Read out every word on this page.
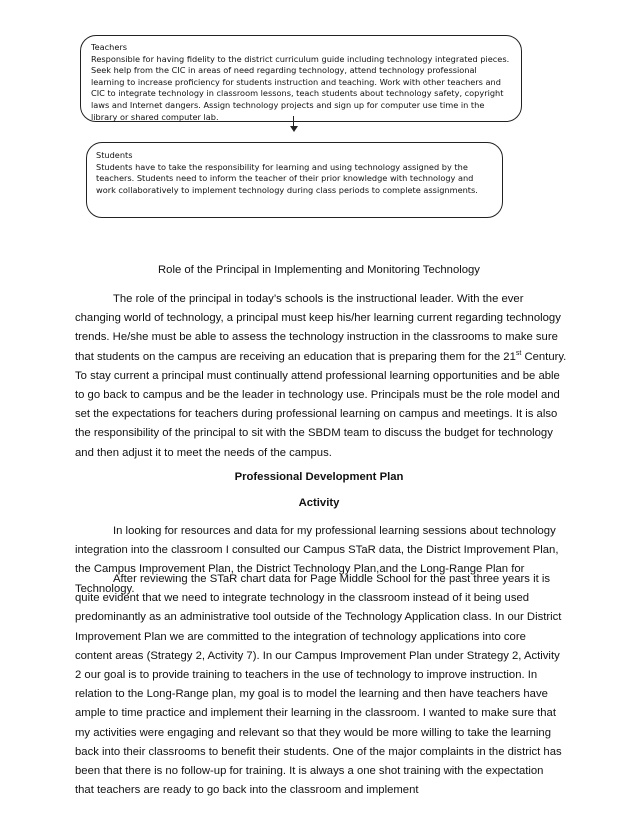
Teachers
Responsible for having fidelity to the district curriculum guide including technology integrated pieces. Seek help from the CIC in areas of need regarding technology, attend technology professional learning to increase proficiency for students instruction and teaching. Work with other teachers and CIC to integrate technology in classroom lessons, teach students about technology safety, copyright laws and Internet dangers. Assign technology projects and sign up for computer use time in the library or shared computer lab.
Students
Students have to take the responsibility for learning and using technology assigned by the teachers. Students need to inform the teacher of their prior knowledge with technology and work collaboratively to implement technology during class periods to complete assignments.
Role of the Principal in Implementing and Monitoring Technology

The role of the principal in today’s schools is the instructional leader. With the ever changing world of technology, a principal must keep his/her learning current regarding technology trends. He/she must be able to assess the technology instruction in the classrooms to make sure that students on the campus are receiving an education that is preparing them for the 21st Century. To stay current a principal must continually attend professional learning opportunities and be able to go back to campus and be the leader in technology use. Principals must be the role model and set the expectations for teachers during professional learning on campus and meetings. It is also the responsibility of the principal to sit with the SBDM team to discuss the budget for technology and then adjust it to meet the needs of the campus.

Professional Development Plan
Activity

In looking for resources and data for my professional learning sessions about technology integration into the classroom I consulted our Campus STaR data, the District Improvement Plan, the Campus Improvement Plan, the District Technology Plan,and the Long-Range Plan for Technology.

After reviewing the STaR chart data for Page Middle School for the past three years it is quite evident that we need to integrate technology in the classroom instead of it being used predominantly as an administrative tool outside of the Technology Application class. In our District Improvement Plan we are committed to the integration of technology applications into core content areas (Strategy 2, Activity 7). In our Campus Improvement Plan under Strategy 2, Activity 2 our goal is to provide training to teachers in the use of technology to improve instruction. In relation to the Long-Range plan, my goal is to model the learning and then have teachers have ample to time practice and implement their learning in the classroom. I wanted to make sure that my activities were engaging and relevant so that they would be more willing to take the learning back into their classrooms to benefit their students. One of the major complaints in the district has been that there is no follow-up for training. It is always a one shot training with the expectation that teachers are ready to go back into the classroom and implement
